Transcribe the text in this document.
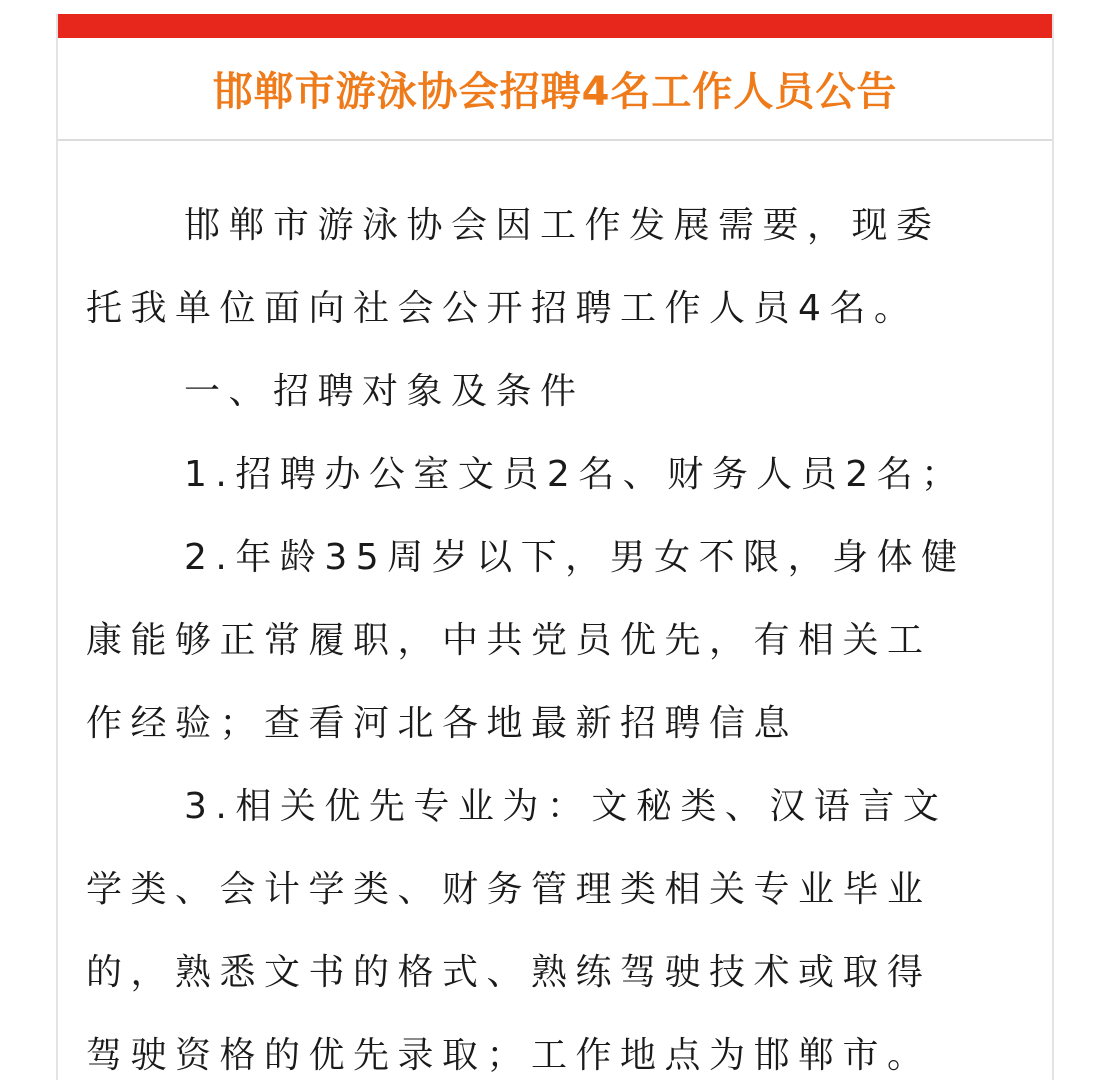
邯郸市游泳协会招聘4名工作人员公告

邯郸市游泳协会因工作发展需要，现委

托我单位面向社会公开招聘工作人员4名。

一、招聘对象及条件

1.招聘办公室文员2名、财务人员2名；

2.年龄35周岁以下，男女不限，身体健

康能够正常履职，中共党员优先，有相关工

作经验；查看河北各地最新招聘信息

3.相关优先专业为：文秘类、汉语言文

学类、会计学类、财务管理类相关专业毕业

的，熟悉文书的格式、熟练驾驶技术或取得

驾驶资格的优先录取；工作地点为邯郸市。
